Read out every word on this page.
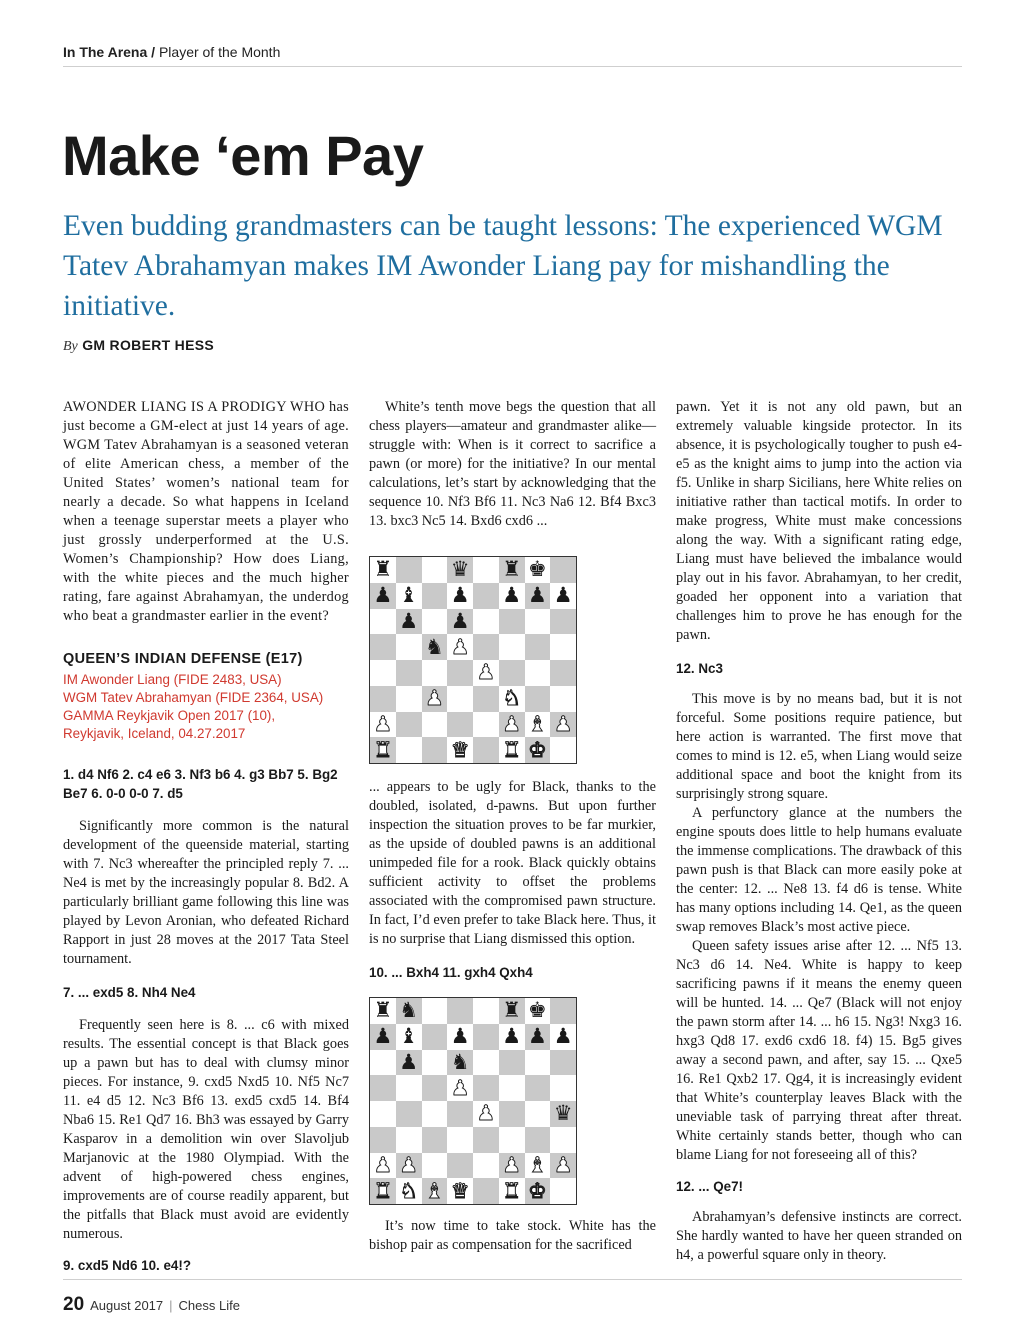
In The Arena / Player of the Month
Make ‘em Pay
Even budding grandmasters can be taught lessons: The experienced WGM Tatev Abrahamyan makes IM Awonder Liang pay for mishandling the initiative.
By GM ROBERT HESS

AWONDER LIANG IS A PRODIGY WHO has just become a GM-elect at just 14 years of age. WGM Tatev Abrahamyan is a seasoned veteran of elite American chess, a member of the United States’ women’s national team for nearly a decade. So what happens in Iceland when a teenage superstar meets a player who just grossly underperformed at the U.S. Women’s Championship? How does Liang, with the white pieces and the much higher rating, fare against Abrahamyan, the underdog who beat a grandmaster earlier in the event?

QUEEN’S INDIAN DEFENSE (E17)
IM Awonder Liang (FIDE 2483, USA)
WGM Tatev Abrahamyan (FIDE 2364, USA)
GAMMA Reykjavik Open 2017 (10),
Reykjavik, Iceland, 04.27.2017

1. d4 Nf6 2. c4 e6 3. Nf3 b6 4. g3 Bb7 5. Bg2 Be7 6. 0-0 0-0 7. d5

Significantly more common is the natural development of the queenside material, starting with 7. Nc3 whereafter the principled reply 7. ... Ne4 is met by the increasingly popular 8. Bd2. A particularly brilliant game following this line was played by Levon Aronian, who defeated Richard Rapport in just 28 moves at the 2017 Tata Steel tournament.

7. ... exd5 8. Nh4 Ne4

Frequently seen here is 8. ... c6 with mixed results. The essential concept is that Black goes up a pawn but has to deal with clumsy minor pieces. For instance, 9. cxd5 Nxd5 10. Nf5 Nc7 11. e4 d5 12. Nc3 Bf6 13. exd5 cxd5 14. Bf4 Nba6 15. Re1 Qd7 16. Bh3 was essayed by Garry Kasparov in a demolition win over Slavoljub Marjanovic at the 1980 Olympiad. With the advent of high-powered chess engines, improvements are of course readily apparent, but the pitfalls that Black must avoid are evidently numerous.

9. cxd5 Nd6 10. e4!?

White’s tenth move begs the question that all chess players—amateur and grandmaster alike—struggle with: When is it correct to sacrifice a pawn (or more) for the initiative? In our mental calculations, let’s start by acknowledging that the sequence 10. Nf3 Bf6 11. Nc3 Na6 12. Bf4 Bxc3 13. bxc3 Nc5 14. Bxd6 cxd6 ...

♜	♛ ♜ ♚
♟ ♝ ♟ ♟ ♟ ♟
♟ ♟
♞ ♟
♟
♟	♞
♟	♟ ♝ ♟
♜	♛ ♜ ♚

... appears to be ugly for Black, thanks to the doubled, isolated, d-pawns. But upon further inspection the situation proves to be far murkier, as the upside of doubled pawns is an additional unimpeded file for a rook. Black quickly obtains sufficient activity to offset the problems associated with the compromised pawn structure. In fact, I’d even prefer to take Black here. Thus, it is no surprise that Liang dismissed this option.

10. ... Bxh4 11. gxh4 Qxh4

♜ ♞	♜ ♚
♟ ♝ ♟ ♟ ♟ ♟
♟ ♞
♟
♟	♛
♟ ♟	♟ ♝ ♟
♜ ♞ ♝ ♛ ♜ ♚

It’s now time to take stock. White has the bishop pair as compensation for the sacrificed

pawn. Yet it is not any old pawn, but an extremely valuable kingside protector. In its absence, it is psychologically tougher to push e4-e5 as the knight aims to jump into the action via f5. Unlike in sharp Sicilians, here White relies on initiative rather than tactical motifs. In order to make progress, White must make concessions along the way. With a significant rating edge, Liang must have believed the imbalance would play out in his favor. Abrahamyan, to her credit, goaded her opponent into a variation that challenges him to prove he has enough for the pawn.

12. Nc3

This move is by no means bad, but it is not forceful. Some positions require patience, but here action is warranted. The first move that comes to mind is 12. e5, when Liang would seize additional space and boot the knight from its surprisingly strong square.

A perfunctory glance at the numbers the engine spouts does little to help humans evaluate the immense complications. The drawback of this pawn push is that Black can more easily poke at the center: 12. ... Ne8 13. f4 d6 is tense. White has many options including 14. Qe1, as the queen swap removes Black’s most active piece.

Queen safety issues arise after 12. ... Nf5 13. Nc3 d6 14. Ne4. White is happy to keep sacrificing pawns if it means the enemy queen will be hunted. 14. ... Qe7 (Black will not enjoy the pawn storm after 14. ... h6 15. Ng3! Nxg3 16. hxg3 Qd8 17. exd6 cxd6 18. f4) 15. Bg5 gives away a second pawn, and after, say 15. ... Qxe5 16. Re1 Qxb2 17. Qg4, it is increasingly evident that White’s counterplay leaves Black with the uneviable task of parrying threat after threat. White certainly stands better, though who can blame Liang for not foreseeing all of this?

12. ... Qe7!

Abrahamyan’s defensive instincts are correct. She hardly wanted to have her queen stranded on h4, a powerful square only in theory.

20 August 2017 | Chess Life
